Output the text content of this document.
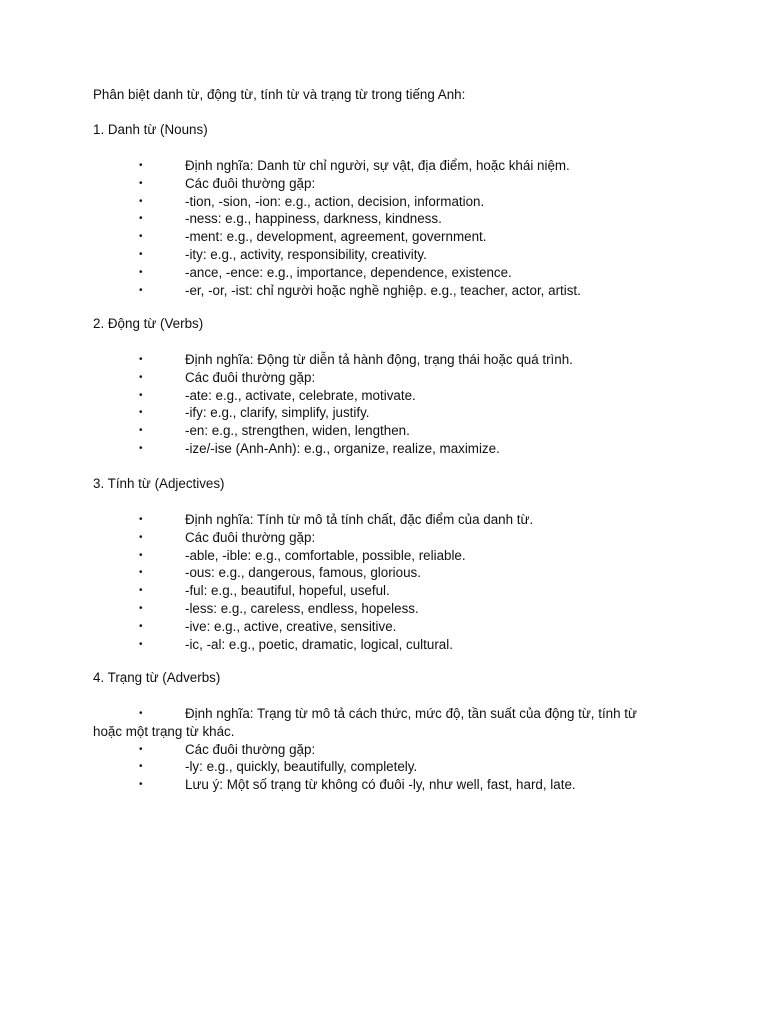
Phân biệt danh từ, động từ, tính từ và trạng từ trong tiếng Anh:
1. Danh từ (Nouns)
•	Định nghĩa: Danh từ chỉ người, sự vật, địa điểm, hoặc khái niệm.
•	Các đuôi thường gặp:
•	-tion, -sion, -ion: e.g., action, decision, information.
•	-ness: e.g., happiness, darkness, kindness.
•	-ment: e.g., development, agreement, government.
•	-ity: e.g., activity, responsibility, creativity.
•	-ance, -ence: e.g., importance, dependence, existence.
•	-er, -or, -ist: chỉ người hoặc nghề nghiệp. e.g., teacher, actor, artist.
2. Động từ (Verbs)
•	Định nghĩa: Động từ diễn tả hành động, trạng thái hoặc quá trình.
•	Các đuôi thường gặp:
•	-ate: e.g., activate, celebrate, motivate.
•	-ify: e.g., clarify, simplify, justify.
•	-en: e.g., strengthen, widen, lengthen.
•	-ize/-ise (Anh-Anh): e.g., organize, realize, maximize.
3. Tính từ (Adjectives)
•	Định nghĩa: Tính từ mô tả tính chất, đặc điểm của danh từ.
•	Các đuôi thường gặp:
•	-able, -ible: e.g., comfortable, possible, reliable.
•	-ous: e.g., dangerous, famous, glorious.
•	-ful: e.g., beautiful, hopeful, useful.
•	-less: e.g., careless, endless, hopeless.
•	-ive: e.g., active, creative, sensitive.
•	-ic, -al: e.g., poetic, dramatic, logical, cultural.
4. Trạng từ (Adverbs)
•	Định nghĩa: Trạng từ mô tả cách thức, mức độ, tần suất của động từ, tính từ
hoặc một trạng từ khác.
•	Các đuôi thường gặp:
•	-ly: e.g., quickly, beautifully, completely.
•	Lưu ý: Một số trạng từ không có đuôi -ly, như well, fast, hard, late.
